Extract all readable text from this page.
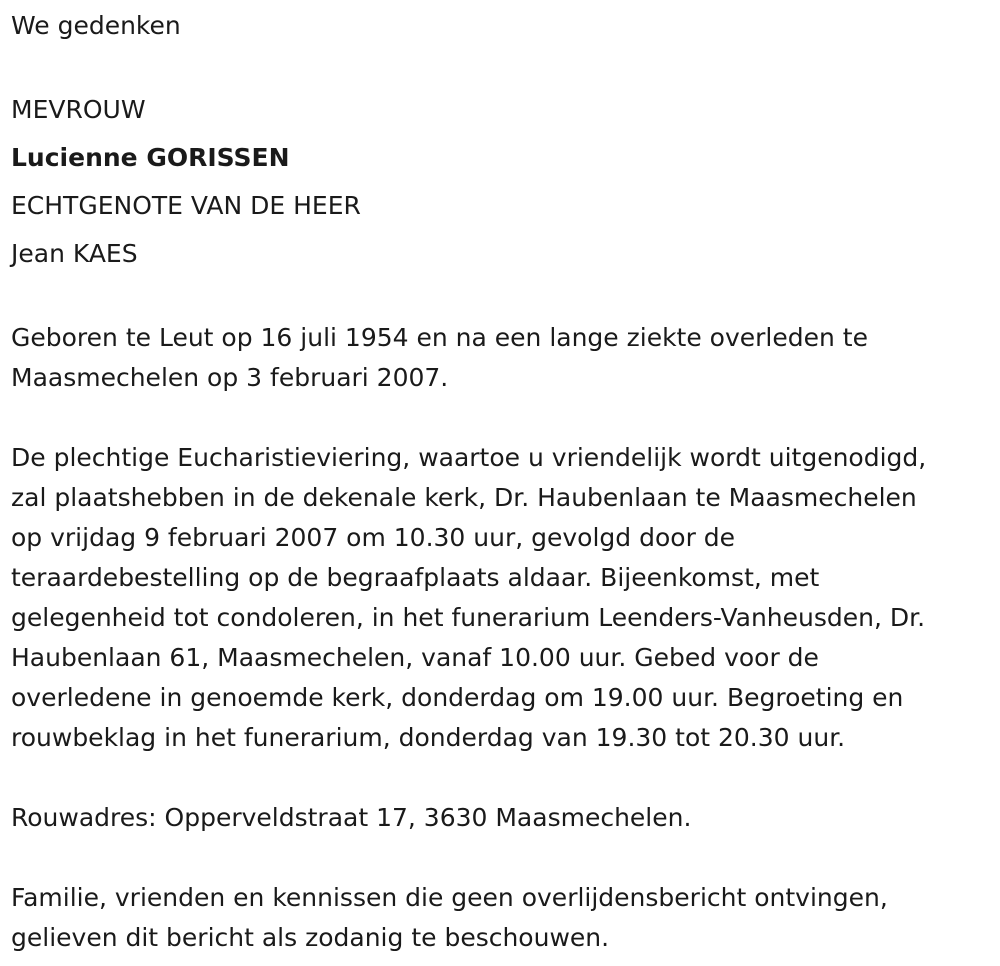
We gedenken
MEVROUW
Lucienne GORISSEN
ECHTGENOTE VAN DE HEER
Jean KAES
Geboren te Leut op 16 juli 1954 en na een lange ziekte overleden te
Maasmechelen op 3 februari 2007.
De plechtige Eucharistieviering, waartoe u vriendelijk wordt uitgenodigd,
zal plaatshebben in de dekenale kerk, Dr. Haubenlaan te Maasmechelen
op vrijdag 9 februari 2007 om 10.30 uur, gevolgd door de
teraardebestelling op de begraafplaats aldaar. Bijeenkomst, met
gelegenheid tot condoleren, in het funerarium Leenders-Vanheusden, Dr.
Haubenlaan 61, Maasmechelen, vanaf 10.00 uur. Gebed voor de
overledene in genoemde kerk, donderdag om 19.00 uur. Begroeting en
rouwbeklag in het funerarium, donderdag van 19.30 tot 20.30 uur.
Rouwadres: Opperveldstraat 17, 3630 Maasmechelen.
Familie, vrienden en kennissen die geen overlijdensbericht ontvingen,
gelieven dit bericht als zodanig te beschouwen.
